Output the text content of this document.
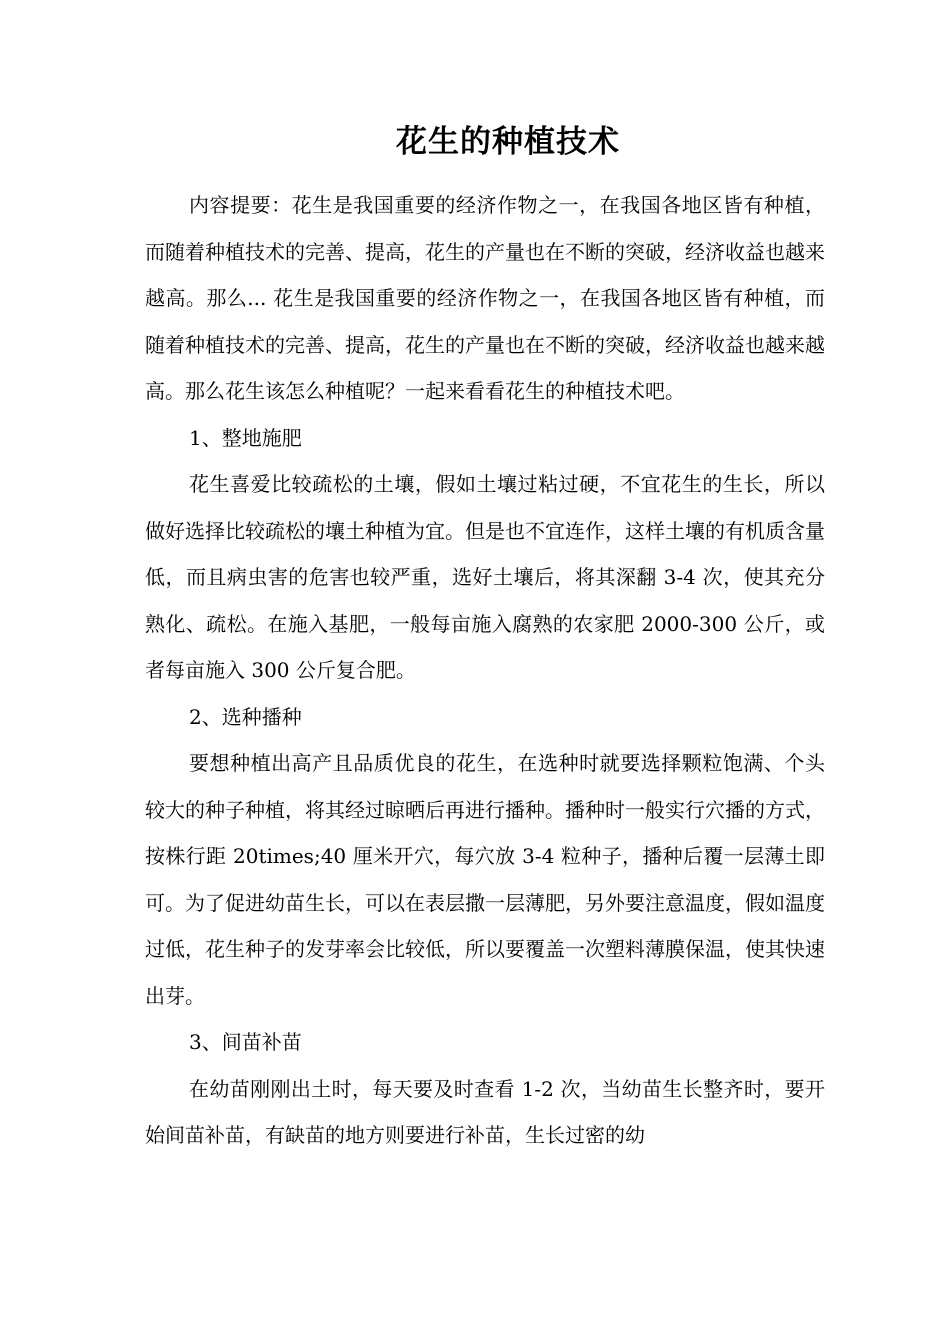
花生的种植技术

内容提要：花生是我国重要的经济作物之一，在我国各地区皆有种植，而随着种植技术的完善、提高，花生的产量也在不断的突破，经济收益也越来越高。那么... 花生是我国重要的经济作物之一，在我国各地区皆有种植，而随着种植技术的完善、提高，花生的产量也在不断的突破，经济收益也越来越高。那么花生该怎么种植呢？一起来看看花生的种植技术吧。

1、整地施肥

花生喜爱比较疏松的土壤，假如土壤过粘过硬，不宜花生的生长，所以做好选择比较疏松的壤土种植为宜。但是也不宜连作，这样土壤的有机质含量低，而且病虫害的危害也较严重，选好土壤后，将其深翻 3-4 次，使其充分熟化、疏松。在施入基肥，一般每亩施入腐熟的农家肥 2000-300 公斤，或者每亩施入 300 公斤复合肥。

2、选种播种

要想种植出高产且品质优良的花生，在选种时就要选择颗粒饱满、个头较大的种子种植，将其经过晾晒后再进行播种。播种时一般实行穴播的方式，按株行距 20times;40 厘米开穴，每穴放 3-4 粒种子，播种后覆一层薄土即可。为了促进幼苗生长，可以在表层撒一层薄肥，另外要注意温度，假如温度过低，花生种子的发芽率会比较低，所以要覆盖一次塑料薄膜保温，使其快速出芽。

3、间苗补苗

在幼苗刚刚出土时，每天要及时查看 1-2 次，当幼苗生长整齐时，要开始间苗补苗，有缺苗的地方则要进行补苗，生长过密的幼
